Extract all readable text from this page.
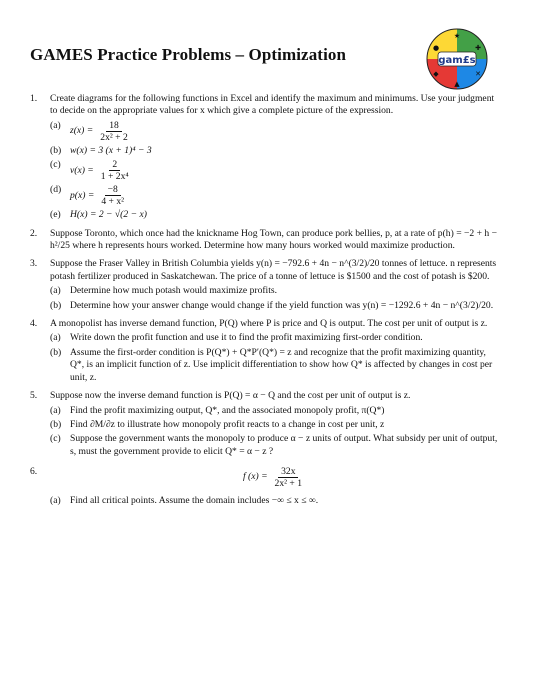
GAMES Practice Problems – Optimization
★
✚
●
✕
◆
▲
gam£s
1. Create diagrams for the following functions in Excel and identify the maximum and minimums. Use your judgment to decide on the appropriate values for x which give a complete picture of the expression.
(a) $z(x) = \frac{18}{\text{2x² + 2}}$
(b) w(x) = 3 (x + 1)⁴ − 3
(c) $v(x) = \frac{2}{\text{1 + 2x⁴}}$
(d) $p(x) = \frac{-8}{\text{4 + x²}}$
(e) H(x) = 2 − √(2 − x)
2. Suppose Toronto, which once had the knickname Hog Town, can produce pork bellies, p, at a rate of p(h) = −2 + h − h²/25 where h represents hours worked. Determine how many hours worked would maximize production.
3. Suppose the Fraser Valley in British Columbia yields y(n) = −792.6 + 4n − n^(3/2)/20 tonnes of lettuce. n represents potash fertilizer produced in Saskatchewan. The price of a tonne of lettuce is $1500 and the cost of potash is $200.
(a) Determine how much potash would maximize profits.
(b) Determine how your answer change would change if the yield function was y(n) = −1292.6 + 4n − n^(3/2)/20.
4. A monopolist has inverse demand function, P(Q) where P is price and Q is output. The cost per unit of output is z.
(a) Write down the profit function and use it to find the profit maximizing first-order condition.
(b) Assume the first-order condition is P(Q*) + Q*P′(Q*) = z and recognize that the profit maximizing quantity, Q*, is an implicit function of z. Use implicit differentiation to show how Q* is affected by changes in cost per unit, z.
5. Suppose now the inverse demand function is P(Q) = α − Q and the cost per unit of output is z.
(a) Find the profit maximizing output, Q*, and the associated monopoly profit, π(Q*)
(b) Find ∂M/∂z to illustrate how monopoly profit reacts to a change in cost per unit, z
(c) Suppose the government wants the monopoly to produce α − z units of output. What subsidy per unit of output, s, must the government provide to elicit Q* = α − z ?
6.	f $(x) = \frac{32x}{\text{2x² + 1}}$
(a) Find all critical points. Assume the domain includes −∞ ≤ x ≤ ∞.
